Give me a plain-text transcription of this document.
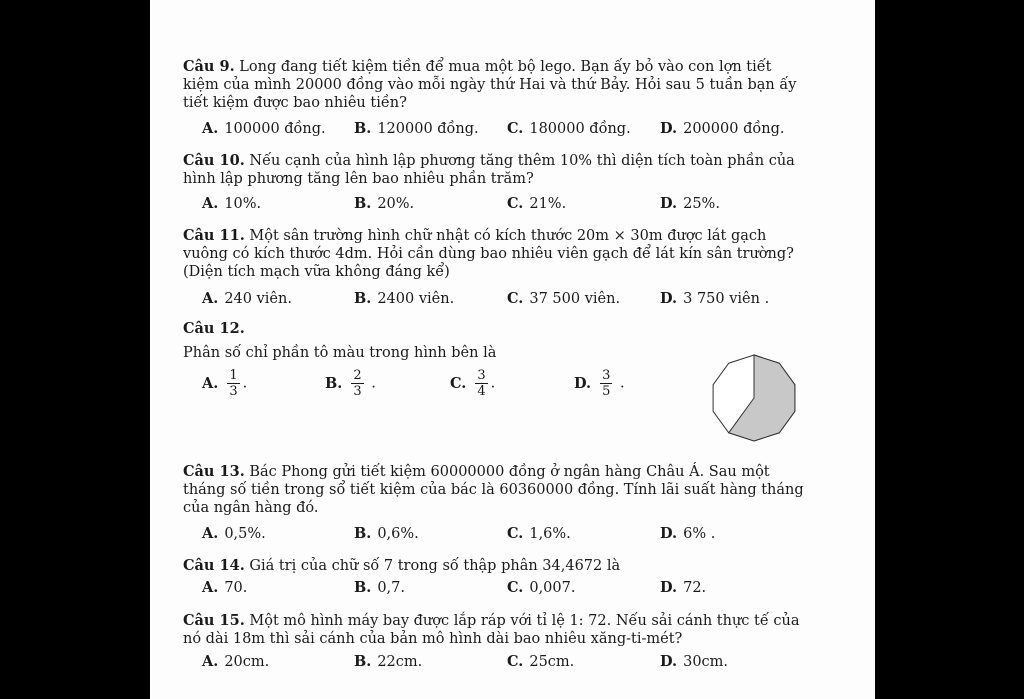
Câu 9. Long đang tiết kiệm tiền để mua một bộ lego. Bạn ấy bỏ vào con lợn tiết
kiệm của mình 20000 đồng vào mỗi ngày thứ Hai và thứ Bảy. Hỏi sau 5 tuần bạn ấy
tiết kiệm được bao nhiêu tiền?
A. 100000 đồng. B. 120000 đồng. C. 180000 đồng. D. 200000 đồng.
Câu 10. Nếu cạnh của hình lập phương tăng thêm 10% thì diện tích toàn phần của
hình lập phương tăng lên bao nhiêu phần trăm?
A. 10%.	B. 20%.	C. 21%.	D. 25%.
Câu 11. Một sân trường hình chữ nhật có kích thước 20m × 30m được lát gạch
vuông có kích thước 4dm. Hỏi cần dùng bao nhiêu viên gạch để lát kín sân trường?
(Diện tích mạch vữa không đáng kể)
A. 240 viên.	B. 2400 viên.	C. 37 500 viên.	D. 3 750 viên .
Câu 12.
Phân số chỉ phần tô màu trong hình bên là
A. $\frac{1}{3}$ .	B. $\frac{2}{3}$ .	C. $\frac{3}{4}$ .	D. $\frac{3}{5}$ .
Câu 13. Bác Phong gửi tiết kiệm 60000000 đồng ở ngân hàng Châu Á. Sau một
tháng số tiền trong sổ tiết kiệm của bác là 60360000 đồng. Tính lãi suất hàng tháng
của ngân hàng đó.
A. 0,5%.	B. 0,6%.	C. 1,6%.	D. 6% .
Câu 14. Giá trị của chữ số 7 trong số thập phân 34,4672 là
A. 70.	B. 0,7.	C. 0,007.	D. 72.
Câu 15. Một mô hình máy bay được lắp ráp với tỉ lệ 1: 72. Nếu sải cánh thực tế của
nó dài 18m thì sải cánh của bản mô hình dài bao nhiêu xăng-ti-mét?
A. 20cm.	B. 22cm.	C. 25cm.	D. 30cm.
